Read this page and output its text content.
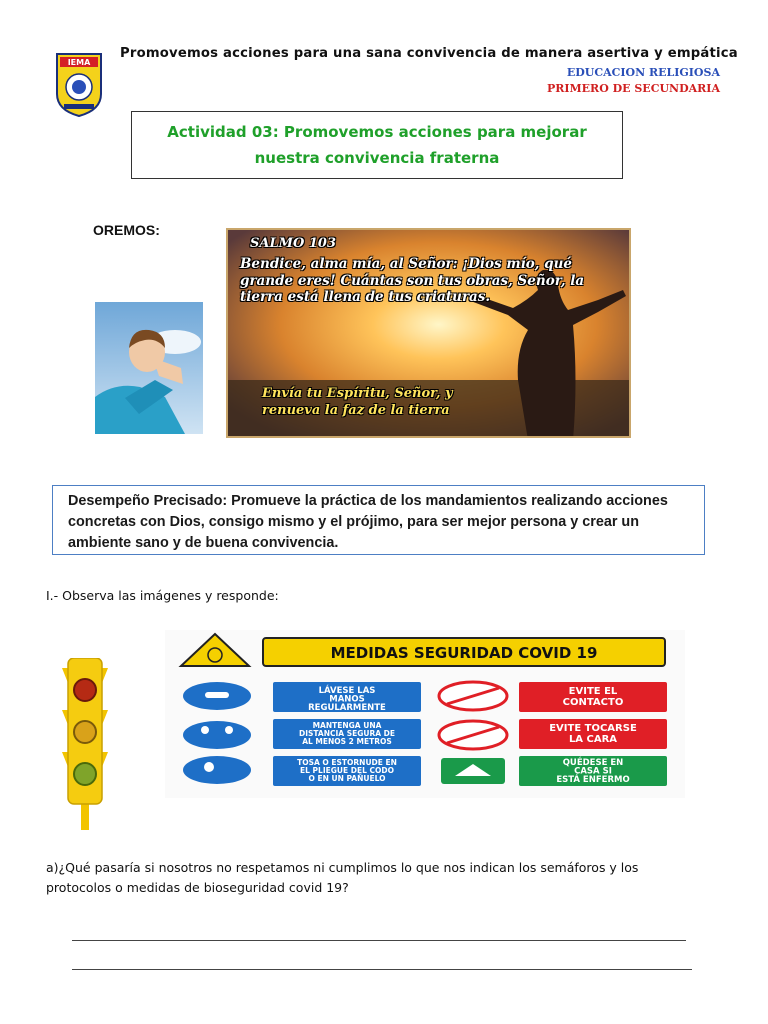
IEMA
Promovemos acciones para una sana convivencia de manera asertiva y empática
EDUCACION RELIGIOSA
PRIMERO DE SECUNDARIA
Actividad 03: Promovemos acciones para mejorar nuestra convivencia fraterna
OREMOS:
SALMO 103
Bendice, alma mía, al Señor: ¡Dios mío, qué grande eres! Cuántas son tus obras, Señor, la tierra está llena de tus criaturas.
Envía tu Espíritu, Señor, y
renueva la faz de la tierra
Desempeño Precisado: Promueve la práctica de los mandamientos realizando acciones concretas con Dios, consigo mismo y el prójimo, para ser mejor persona y crear un ambiente sano y de buena convivencia.
I.- Observa las imágenes y responde:
MEDIDAS SEGURIDAD COVID 19
LÁVESE LAS MANOS REGULARMENTE
MANTENGA UNA DISTANCIA SEGURA DE AL MENOS 2 METROS
TOSA O ESTORNUDE EN EL PLIEGUE DEL CODO O EN UN PAÑUELO
EVITE EL CONTACTO
EVITE TOCARSE LA CARA
QUÉDESE EN CASA SI ESTÁ ENFERMO
a)¿Qué pasaría si nosotros no respetamos ni cumplimos lo que nos indican los semáforos y los protocolos o medidas de bioseguridad covid 19?
